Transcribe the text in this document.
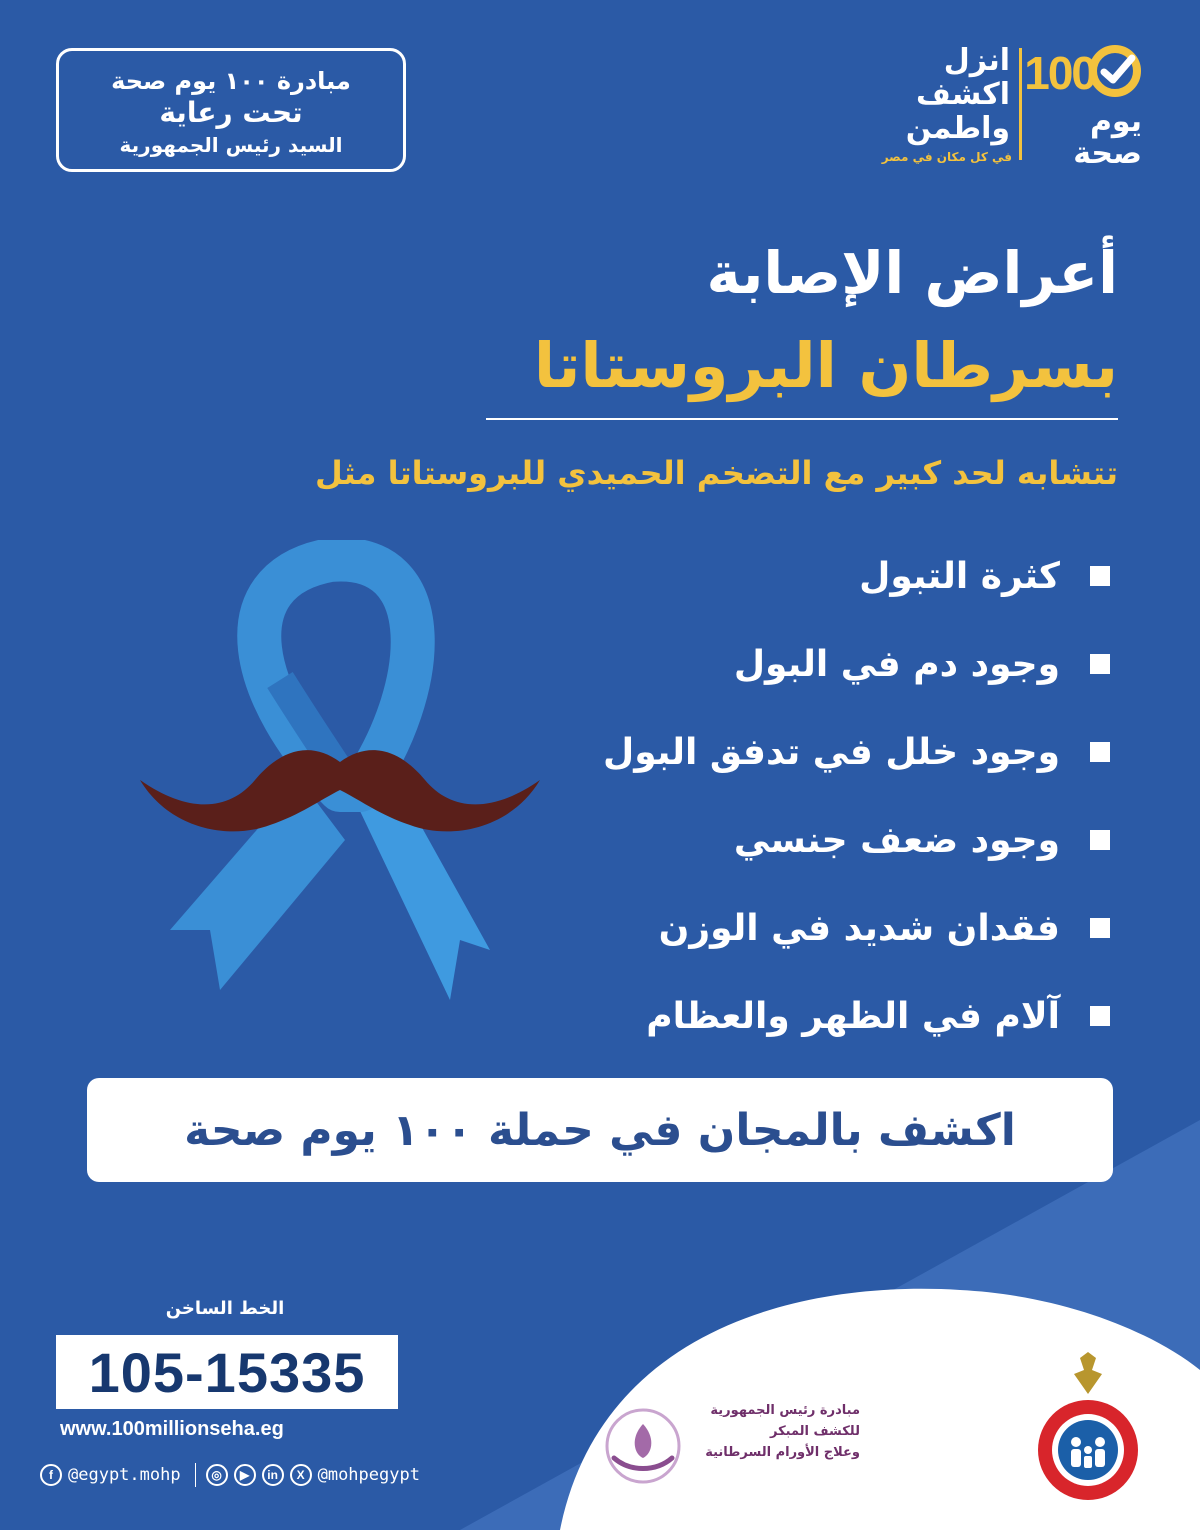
مبادرة ١٠٠ يوم صحة
تحت رعاية
السيد رئيس الجمهورية
100
يوم
صحة
انزل
اكشف
واطمن
في كل مكان في مصر
أعراض الإصابة
بسرطان البروستاتا
تتشابه لحد كبير مع التضخم الحميدي للبروستاتا مثل
كثرة التبول
وجود دم في البول
وجود خلل في تدفق البول
وجود ضعف جنسي
فقدان شديد في الوزن
آلام في الظهر والعظام
اكشف بالمجان في حملة ١٠٠ يوم صحة
الخط الساخن
105-15335
www.100millionseha.eg
f @egypt.mohp	◎	▶	in	X @mohpegypt
مبادرة رئيس الجمهورية
للكشف المبكر
وعلاج الأورام السرطانية
